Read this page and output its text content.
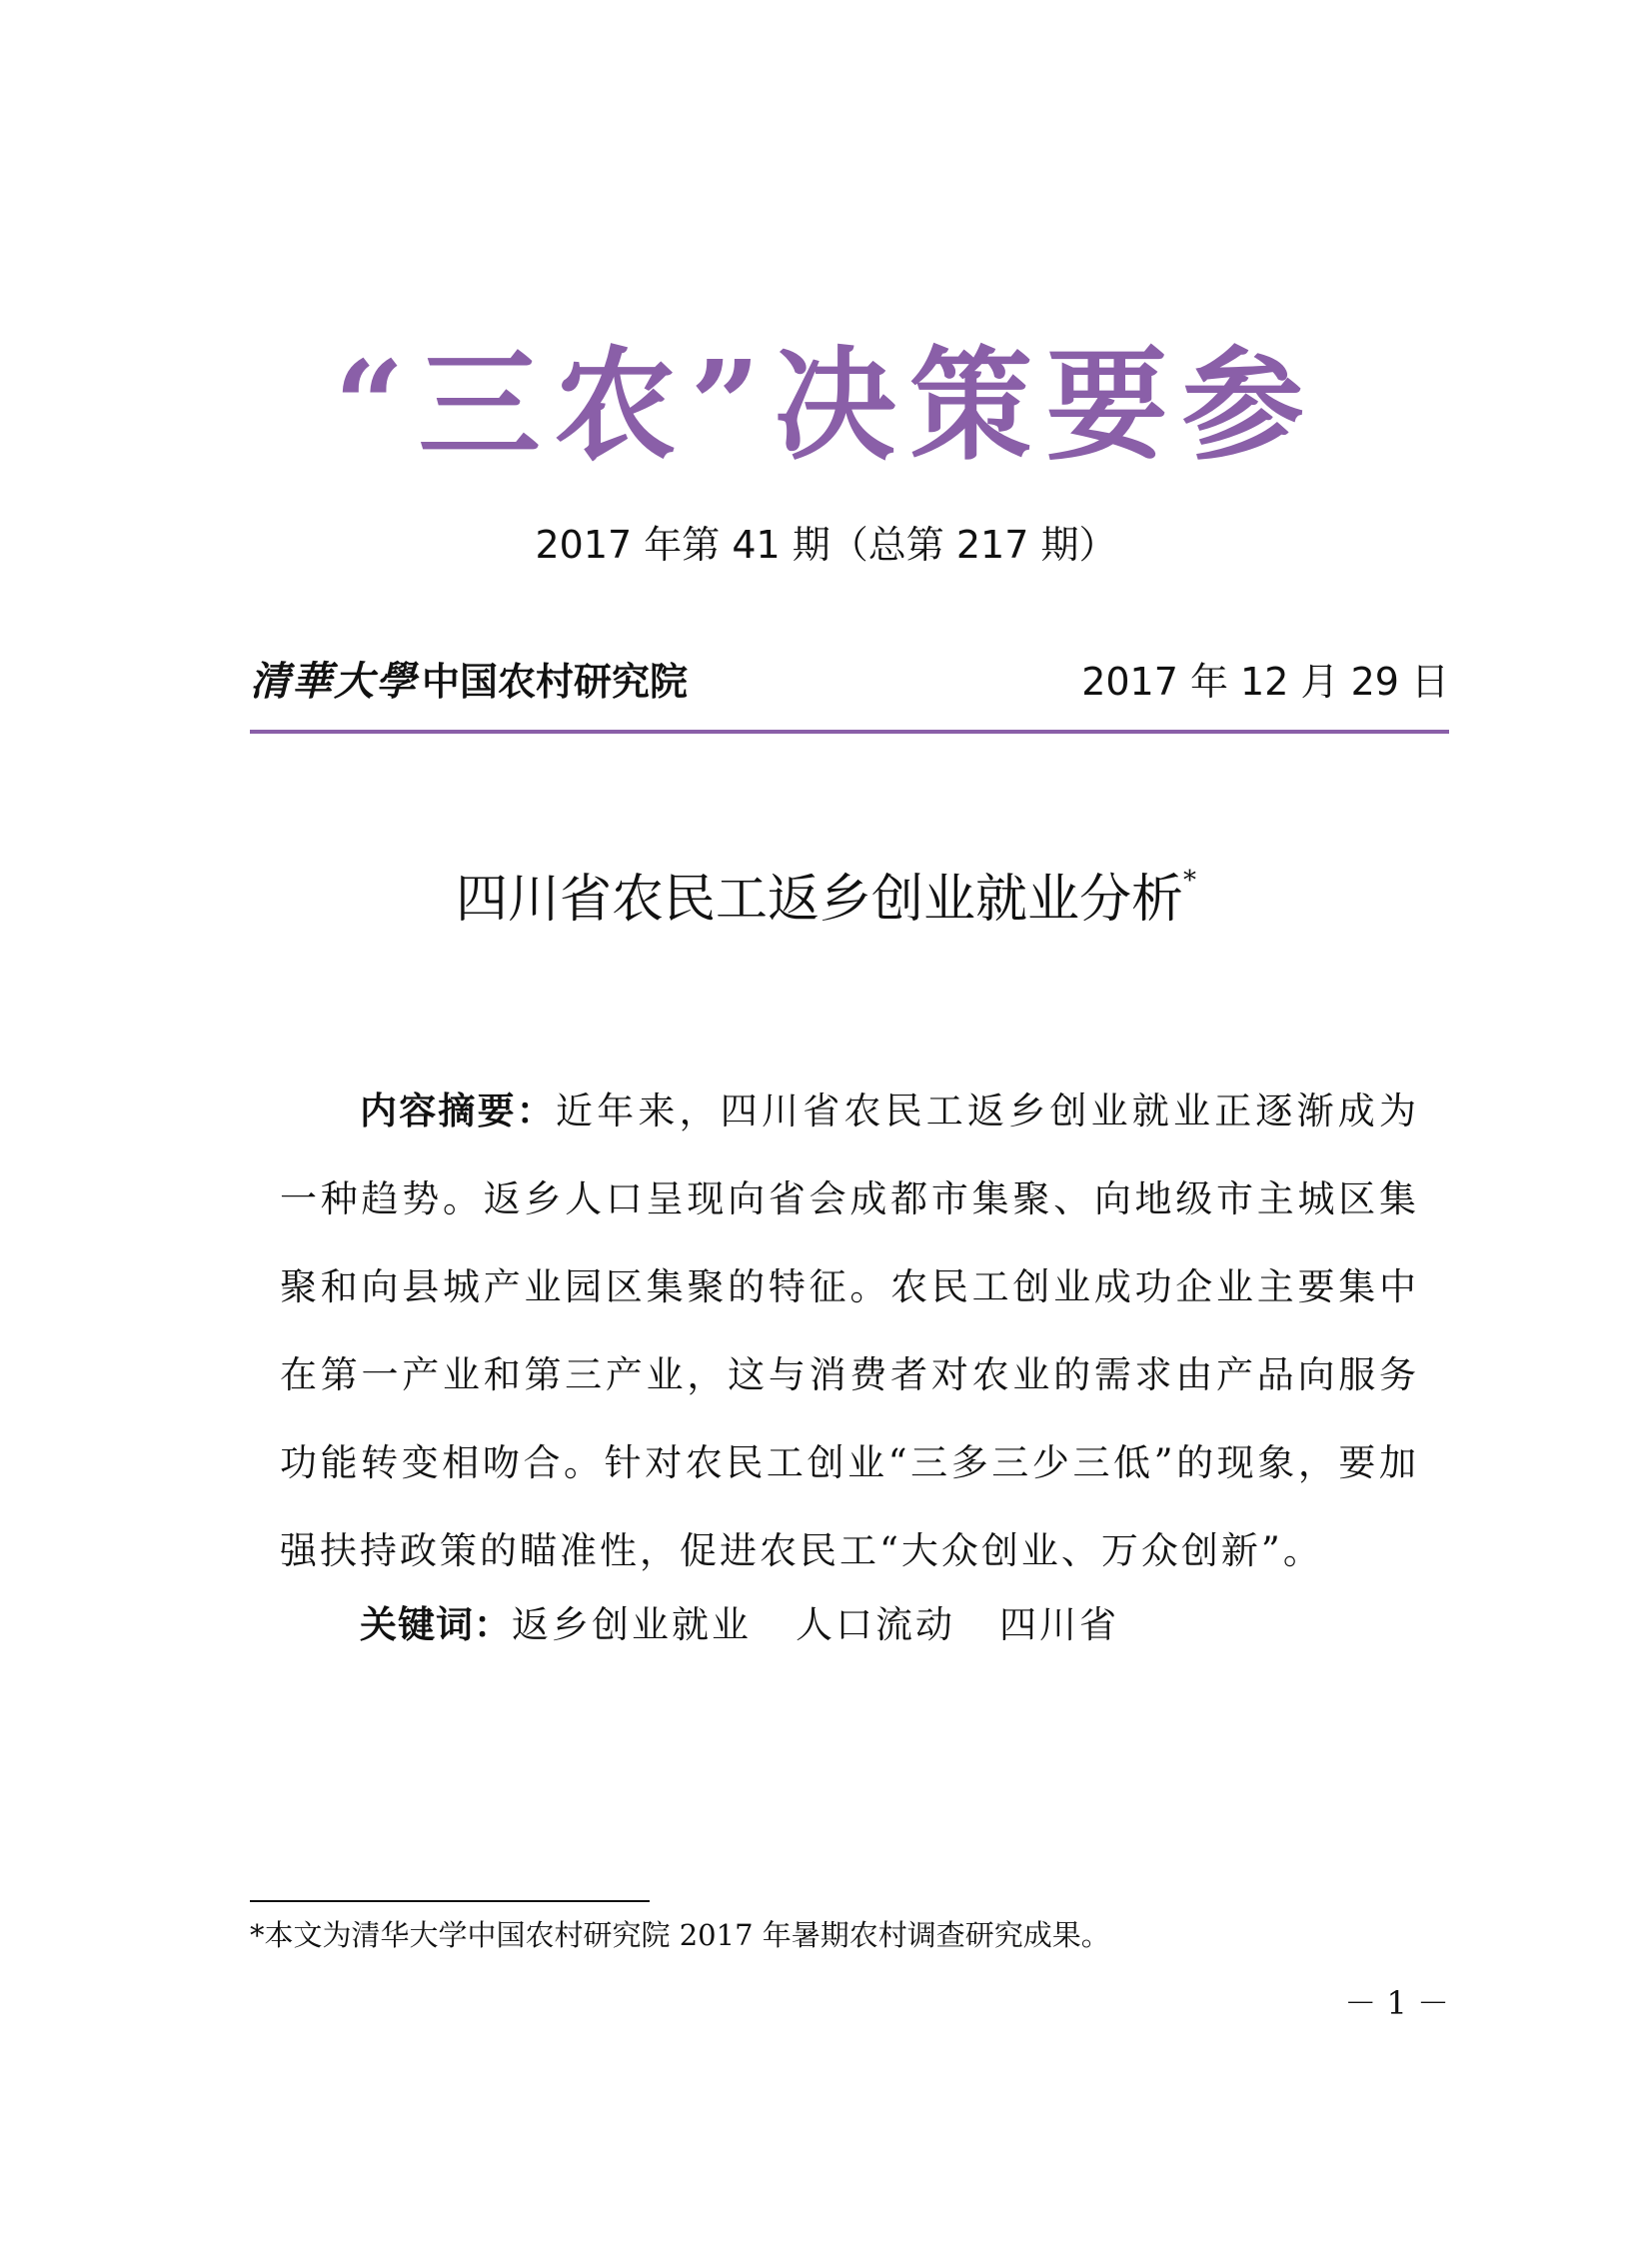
“三农”决策要参
2017 年第 41 期（总第 217 期）
清華大學 中国农村研究院	2017 年 12 月 29 日
四川省农民工返乡创业就业分析*

内容摘要：近年来，四川省农民工返乡创业就业正逐渐成为一种趋势。返乡人口呈现向省会成都市集聚、向地级市主城区集聚和向县城产业园区集聚的特征。农民工创业成功企业主要集中在第一产业和第三产业，这与消费者对农业的需求由产品向服务功能转变相吻合。针对农民工创业“三多三少三低”的现象，要加强扶持政策的瞄准性，促进农民工“大众创业、万众创新”。

关键词：返乡创业就业 人口流动 四川省
*本文为清华大学中国农村研究院 2017 年暑期农村调查研究成果。
－ 1 －
